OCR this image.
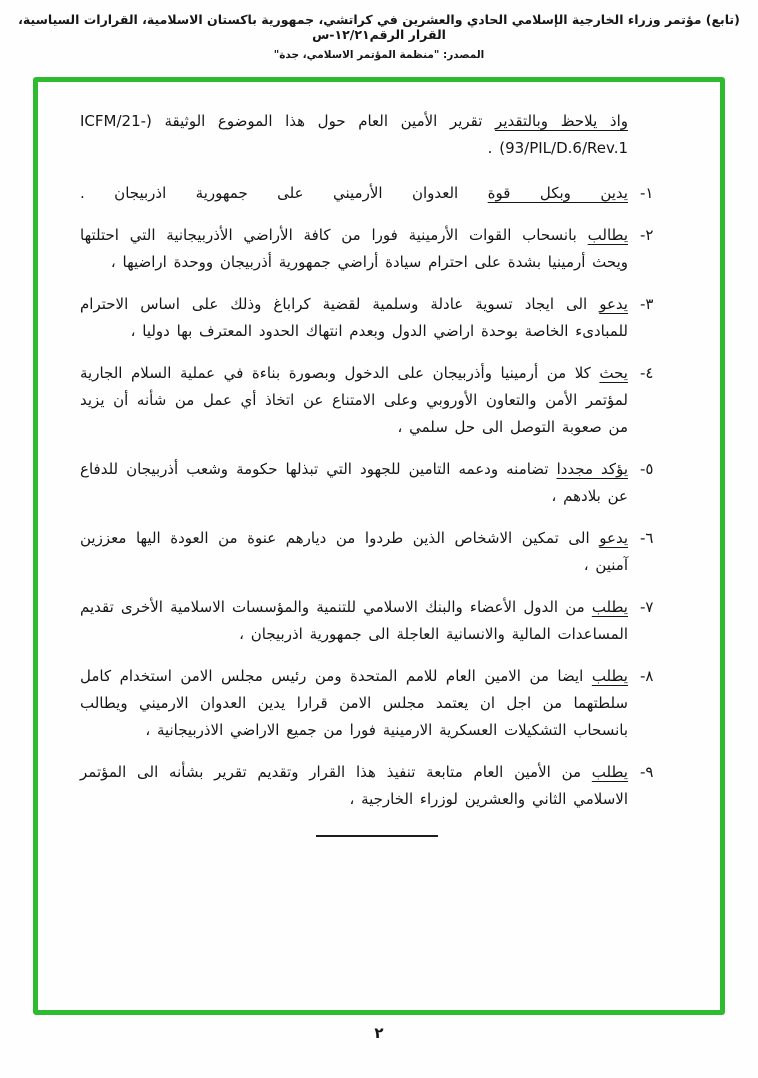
(تابع) مؤتمر وزراء الخارجية الإسلامي الحادي والعشرين في كراتشي، جمهورية باكستان الاسلامية، القرارات السياسية، القرار الرقم١٢/٢١-س
المصدر: "منظمة المؤتمر الاسلامي، جدة"

واذ يلاحظ وبالتقدير تقرير الأمين العام حول هذا الموضوع الوثيقة (ICFM/21-93/PIL/D.6/Rev.1) .

١-
يدين وبكل قوة العدوان الأرميني على جمهورية اذربيجان .
٢-
يطالب بانسحاب القوات الأرمينية فورا من كافة الأراضي الأذربيجانية التي احتلتها ويحث أرمينيا بشدة على احترام سيادة أراضي جمهورية أذربيجان ووحدة اراضيها ،
٣-
يدعو الى ايجاد تسوية عادلة وسلمية لقضية كراباغ وذلك على اساس الاحترام للمبادىء الخاصة بوحدة اراضي الدول وبعدم انتهاك الحدود المعترف بها دوليا ،
٤-
يحث كلا من أرمينيا وأذربيجان على الدخول وبصورة بناءة في عملية السلام الجارية لمؤتمر الأمن والتعاون الأوروبي وعلى الامتناع عن اتخاذ أي عمل من شأنه أن يزيد من صعوبة التوصل الى حل سلمي ،
٥-
يؤكد مجددا تضامنه ودعمه التامين للجهود التي تبذلها حكومة وشعب أذربيجان للدفاع عن بلادهم ،
٦-
يدعو الى تمكين الاشخاص الذين طردوا من ديارهم عنوة من العودة اليها معززين آمنين ،
٧-
يطلب من الدول الأعضاء والبنك الاسلامي للتنمية والمؤسسات الاسلامية الأخرى تقديم المساعدات المالية والانسانية العاجلة الى جمهورية اذربيجان ،
٨-
يطلب ايضا من الامين العام للامم المتحدة ومن رئيس مجلس الامن استخدام كامل سلطتهما من اجل ان يعتمد مجلس الامن قرارا يدين العدوان الارميني ويطالب بانسحاب التشكيلات العسكرية الارمينية فورا من جميع الاراضي الاذربيجانية ،
٩-
يطلب من الأمين العام متابعة تنفيذ هذا القرار وتقديم تقرير بشأنه الى المؤتمر الاسلامي الثاني والعشرين لوزراء الخارجية ،
٢
